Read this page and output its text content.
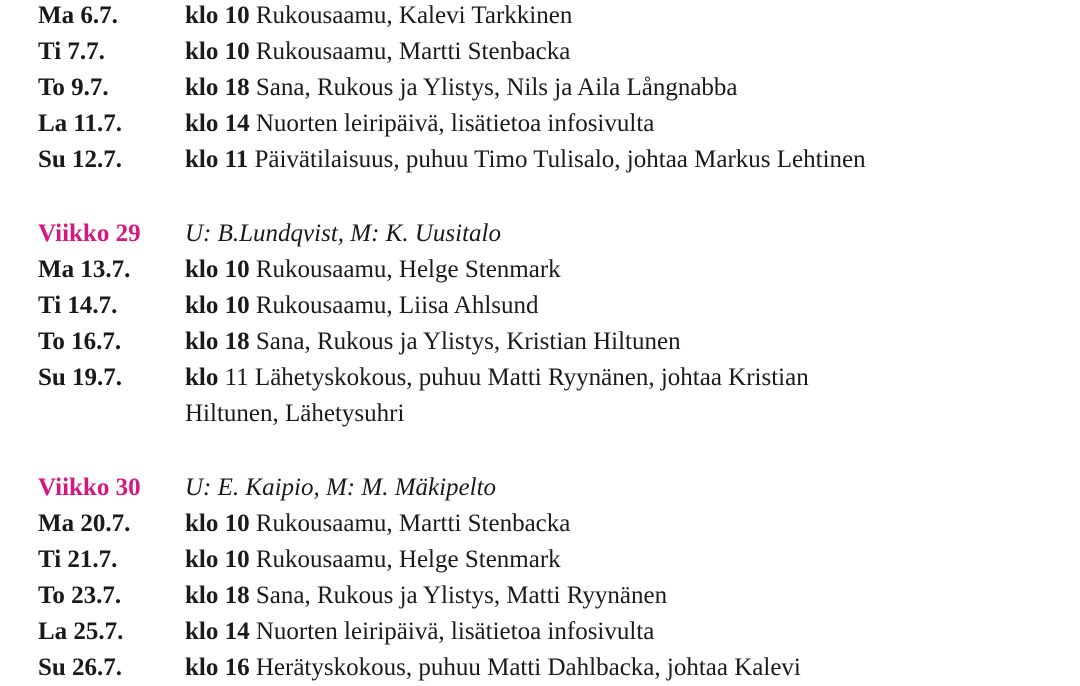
Ma 6.7.	klo 10 Rukousaamu, Kalevi Tarkkinen
Ti 7.7.	klo 10 Rukousaamu, Martti Stenbacka
To 9.7.	klo 18 Sana, Rukous ja Ylistys, Nils ja Aila Långnabba
La 11.7.	klo 14 Nuorten leiripäivä, lisätietoa infosivulta
Su 12.7.	klo 11 Päivätilaisuus, puhuu Timo Tulisalo, johtaa Markus Lehtinen
Viikko 29 U: B.Lundqvist, M: K. Uusitalo
Ma 13.7. klo 10 Rukousaamu, Helge Stenmark
Ti 14.7.	klo 10 Rukousaamu, Liisa Ahlsund
To 16.7.	klo 18 Sana, Rukous ja Ylistys, Kristian Hiltunen
Su 19.7.	klo 11 Lähetyskokous, puhuu Matti Ryynänen, johtaa Kristian
Hiltunen, Lähetysuhri
Viikko 30 U: E. Kaipio, M: M. Mäkipelto
Ma 20.7. klo 10 Rukousaamu, Martti Stenbacka
Ti 21.7.	klo 10 Rukousaamu, Helge Stenmark
To 23.7.	klo 18 Sana, Rukous ja Ylistys, Matti Ryynänen
La 25.7. klo 14 Nuorten leiripäivä, lisätietoa infosivulta
Su 26.7.	klo 16 Herätyskokous, puhuu Matti Dahlbacka, johtaa Kalevi
